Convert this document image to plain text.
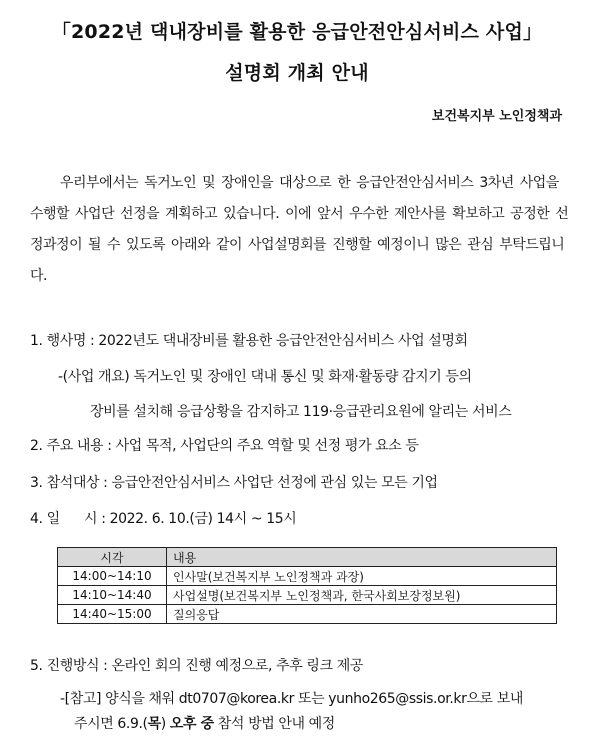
「2022년 댁내장비를 활용한 응급안전안심서비스 사업」
설명회 개최 안내
보건복지부 노인정책과
우리부에서는 독거노인 및 장애인을 대상으로 한 응급안전안심서비스 3차년 사업을 수행할 사업단 선정을 계획하고 있습니다. 이에 앞서 우수한 제안사를 확보하고 공정한 선정과정이 될 수 있도록 아래와 같이 사업설명회를 진행할 예정이니 많은 관심 부탁드립니다.
1. 행사명 : 2022년도 댁내장비를 활용한 응급안전안심서비스 사업 설명회
-(사업 개요) 독거노인 및 장애인 댁내 통신 및 화재·활동량 감지기 등의
장비를 설치해 응급상황을 감지하고 119·응급관리요원에 알리는 서비스
2. 주요 내용 : 사업 목적, 사업단의 주요 역할 및 선정 평가 요소 등
3. 참석대상 : 응급안전안심서비스 사업단 선정에 관심 있는 모든 기업
4. 일      시 : 2022. 6. 10.(금) 14시 ~ 15시
시각	내용
14:00~14:10	인사말(보건복지부 노인정책과 과장)
14:10~14:40	사업설명(보건복지부 노인정책과, 한국사회보장정보원)
14:40~15:00	질의응답
5. 진행방식 : 온라인 회의 진행 예정으로, 추후 링크 제공
-[참고] 양식을 채워 dt0707@korea.kr 또는 yunho265@ssis.or.kr으로 보내
주시면 6.9.(목) 오후 중 참석 방법 안내 예정
